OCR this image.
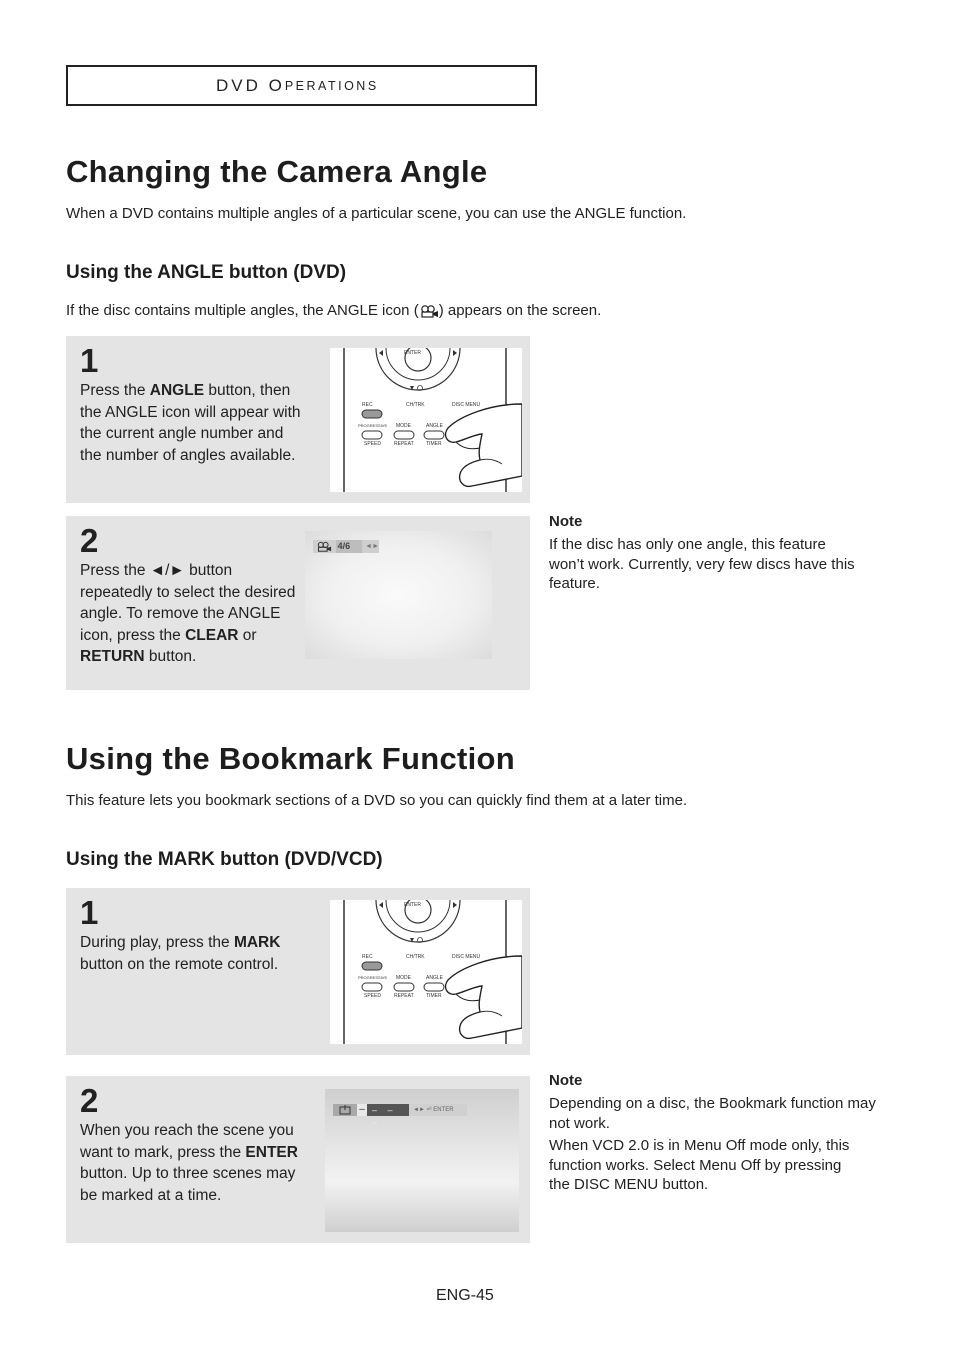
DVD O PERATIONS
Changing the Camera Angle
When a DVD contains multiple angles of a particular scene, you can use the ANGLE function.
Using the ANGLE button (DVD)
If the disc contains multiple angles, the ANGLE icon ( ) appears on the screen.
1
Press the ANGLE button, then the ANGLE icon will appear with the current angle number and the number of angles available.
ENTER
REC	CH/TRK	DISC MENU
PROGRESSIVE MODE	ANGLE
SPEED	REPEAT TIMER
2
Press the ◄/► button repeatedly to select the desired angle. To remove the ANGLE icon, press the CLEAR or RETURN button.
4/6	◄►
Note
If the disc has only one angle, this feature won’t work. Currently, very few discs have this feature.
Using the Bookmark Function
This feature lets you bookmark sections of a DVD so you can quickly find them at a later time.
Using the MARK button (DVD/VCD)
1
During play, press the MARK button on the remote control.
ENTER
REC	CH/TRK	DISC MENU
PROGRESSIVE MODE	ANGLE
SPEED	REPEAT TIMER
2
When you reach the scene you want to mark, press the ENTER button. Up to three scenes may be marked at a time.
– – – –
◄► ⏎ ENTER
Note
Depending on a disc, the Bookmark function may not work.
When VCD 2.0 is in Menu Off mode only, this function works. Select Menu Off by pressing the DISC MENU button.
ENG-45
